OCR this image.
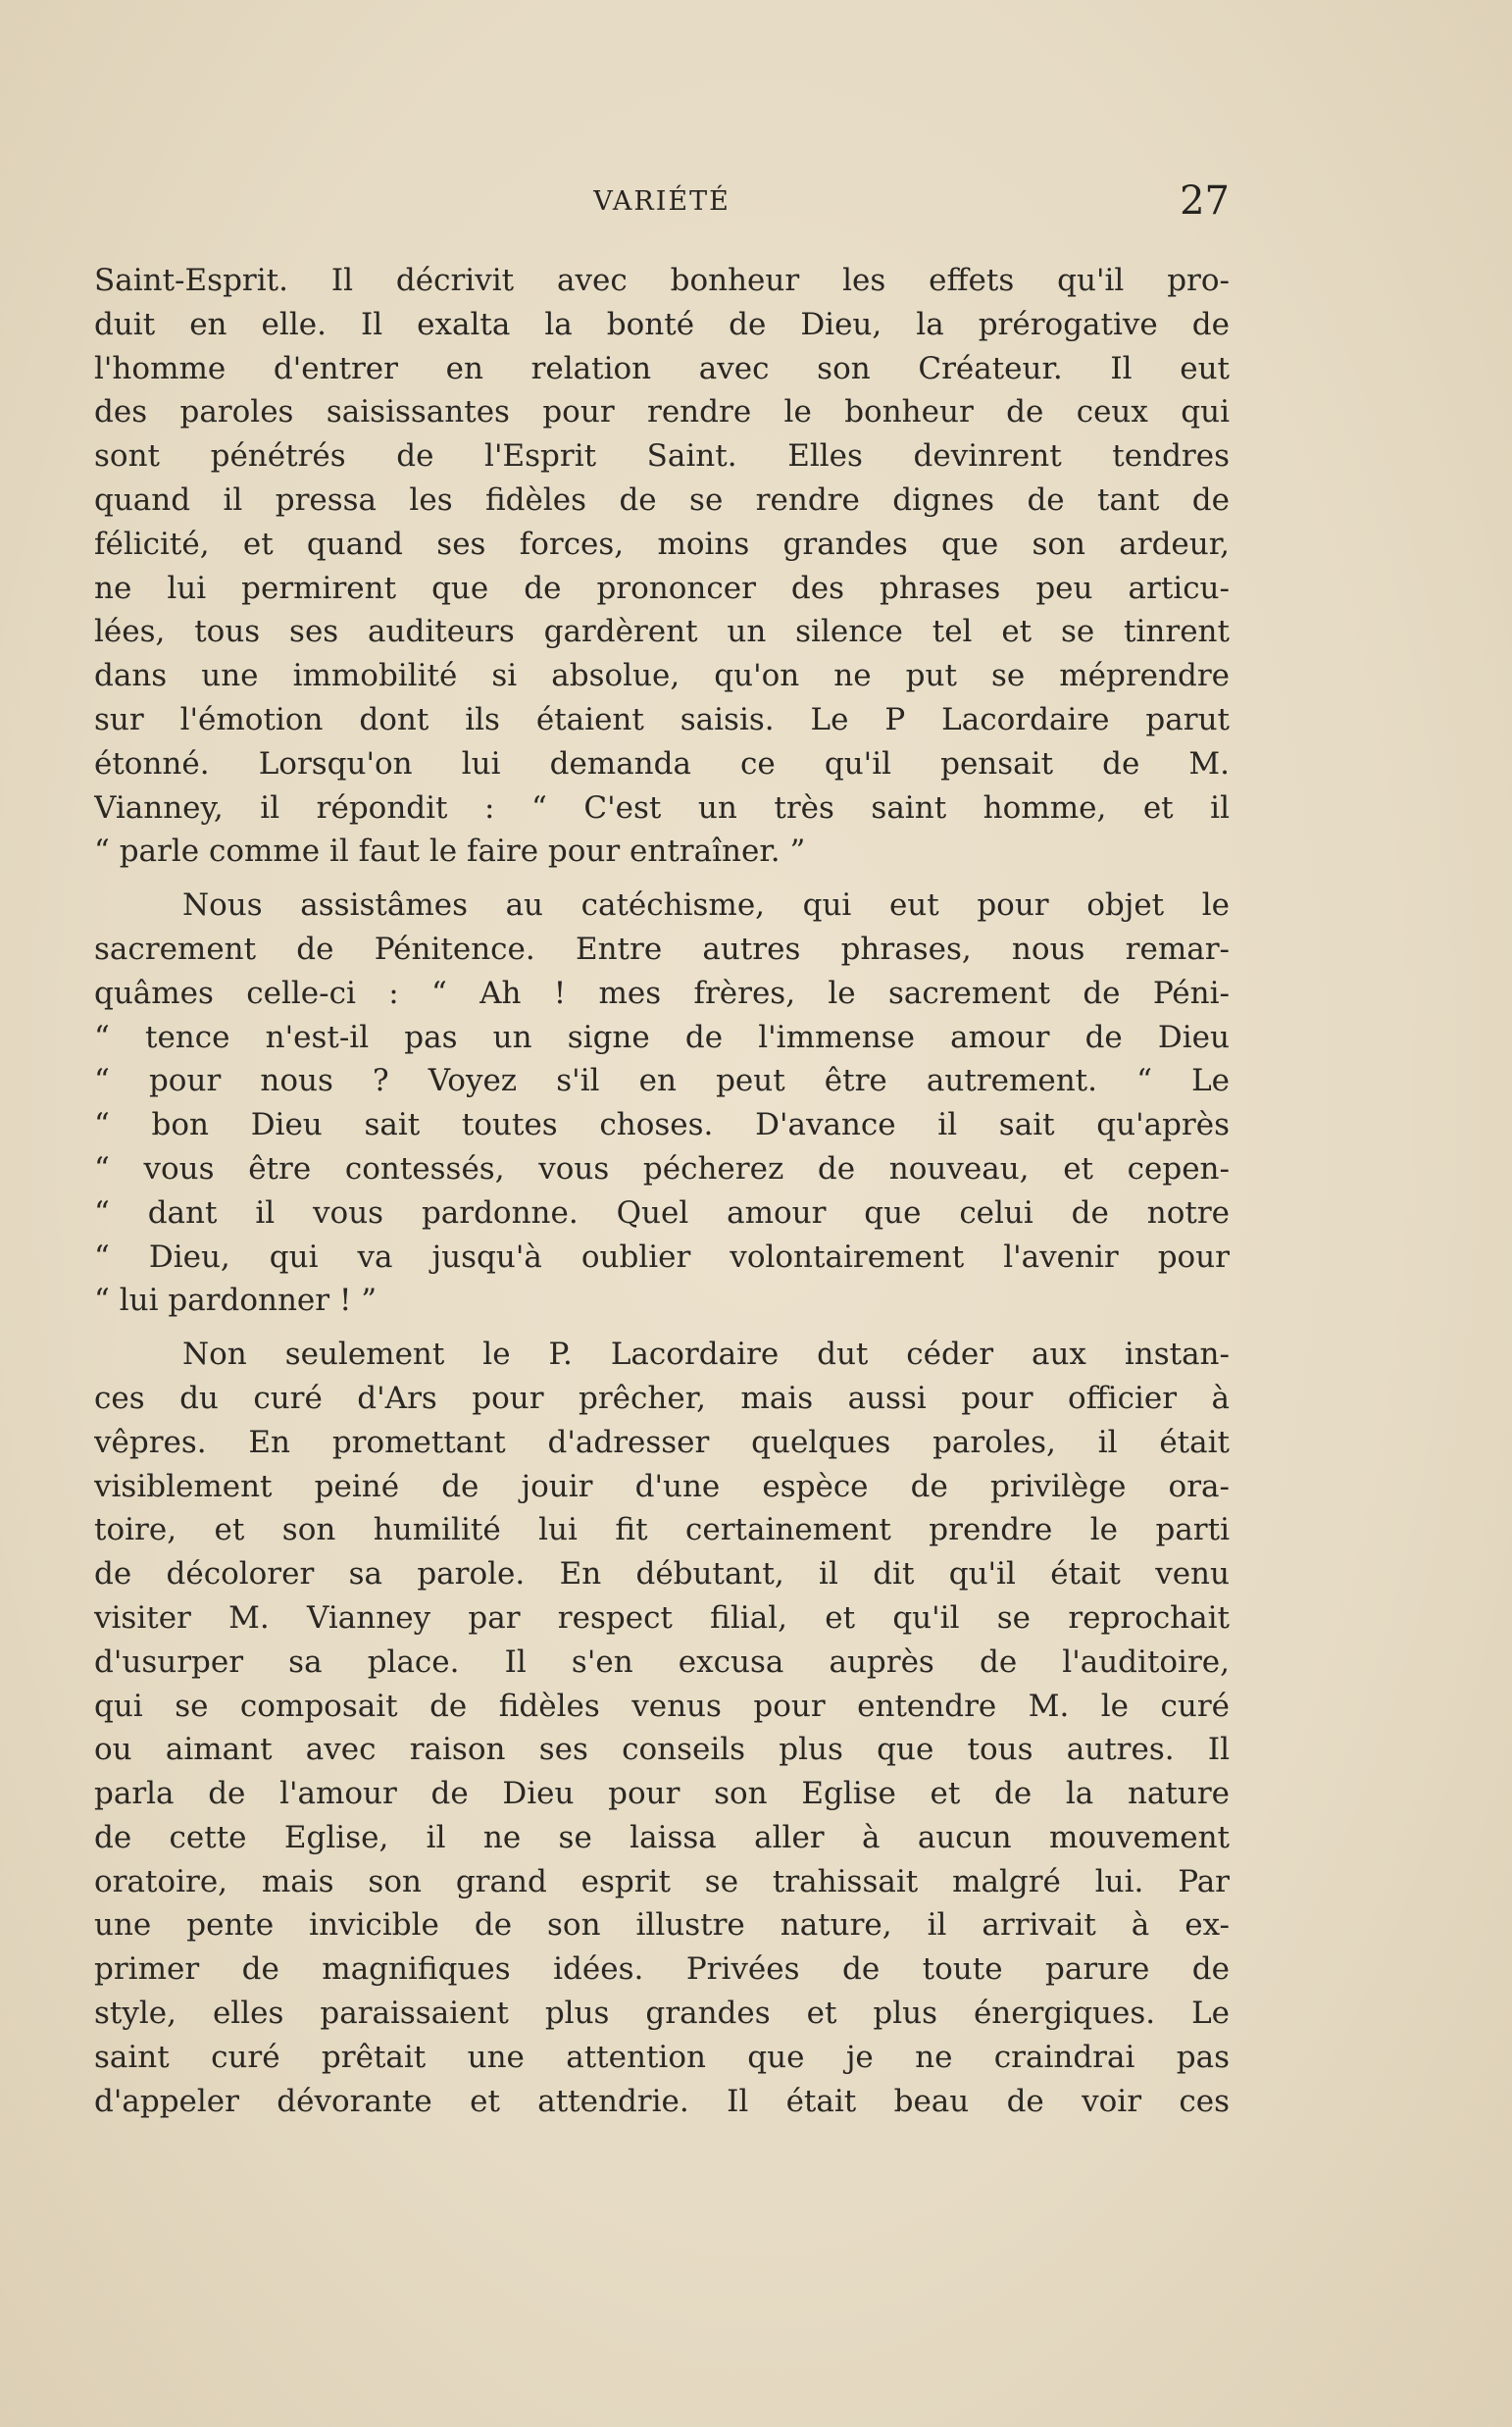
VARIÉTÉ	27
Saint-Esprit. Il décrivit avec bonheur les effets qu'il pro-
duit en elle. Il exalta la bonté de Dieu, la prérogative de
l'homme d'entrer en relation avec son Créateur. Il eut
des paroles saisissantes pour rendre le bonheur de ceux qui
sont pénétrés de l'Esprit Saint. Elles devinrent tendres
quand il pressa les fidèles de se rendre dignes de tant de
félicité, et quand ses forces, moins grandes que son ardeur,
ne lui permirent que de prononcer des phrases peu articu-
lées, tous ses auditeurs gardèrent un silence tel et se tinrent
dans une immobilité si absolue, qu'on ne put se méprendre
sur l'émotion dont ils étaient saisis. Le P Lacordaire parut
étonné. Lorsqu'on lui demanda ce qu'il pensait de M.
Vianney, il répondit : “ C'est un très saint homme, et il
“ parle comme il faut le faire pour entraîner. ”
Nous assistâmes au catéchisme, qui eut pour objet le
sacrement de Pénitence. Entre autres phrases, nous remar-
quâmes celle-ci : “ Ah ! mes frères, le sacrement de Péni-
“ tence n'est-il pas un signe de l'immense amour de Dieu
“ pour nous ? Voyez s'il en peut être autrement. “ Le
“ bon Dieu sait toutes choses. D'avance il sait qu'après
“ vous être contessés, vous pécherez de nouveau, et cepen-
“ dant il vous pardonne. Quel amour que celui de notre
“ Dieu, qui va jusqu'à oublier volontairement l'avenir pour
“ lui pardonner ! ”
Non seulement le P. Lacordaire dut céder aux instan-
ces du curé d'Ars pour prêcher, mais aussi pour officier à
vêpres. En promettant d'adresser quelques paroles, il était
visiblement peiné de jouir d'une espèce de privilège ora-
toire, et son humilité lui fit certainement prendre le parti
de décolorer sa parole. En débutant, il dit qu'il était venu
visiter M. Vianney par respect filial, et qu'il se reprochait
d'usurper sa place. Il s'en excusa auprès de l'auditoire,
qui se composait de fidèles venus pour entendre M. le curé
ou aimant avec raison ses conseils plus que tous autres. Il
parla de l'amour de Dieu pour son Eglise et de la nature
de cette Eglise, il ne se laissa aller à aucun mouvement
oratoire, mais son grand esprit se trahissait malgré lui. Par
une pente invicible de son illustre nature, il arrivait à ex-
primer de magnifiques idées. Privées de toute parure de
style, elles paraissaient plus grandes et plus énergiques. Le
saint curé prêtait une attention que je ne craindrai pas
d'appeler dévorante et attendrie. Il était beau de voir ces
